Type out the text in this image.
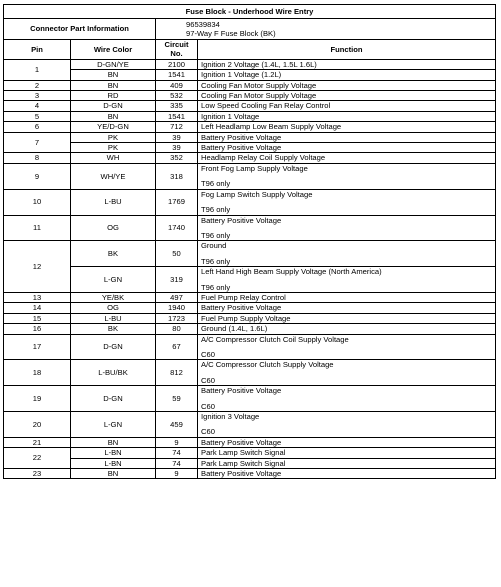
Fuse Block - Underhood Wire Entry			
Connector Part Information		96539834
97-Way F Fuse Block (BK)	

Pin	Wire Color	Circuit No.	Function
1	D-GN/YE	2100	Ignition 2 Voltage (1.4L, 1.5L 1.6L)

	BN	1541	Ignition 1 Voltage (1.2L)

2	BN	409	Cooling Fan Motor Supply Voltage

3	RD	532	Cooling Fan Motor Supply Voltage

4	D-GN	335	Low Speed Cooling Fan Relay Control

5	BN	1541	Ignition 1 Voltage

6	YE/D-GN	712	Left Headlamp Low Beam Supply Voltage

7	PK	39	Battery Positive Voltage

	PK	39	Battery Positive Voltage

8	WH	352	Headlamp Relay Coil Supply Voltage

9	WH/YE	318	Front Fog Lamp Supply Voltage
T96 only

10	L-BU	1769	Fog Lamp Switch Supply Voltage
T96 only

11	OG	1740	Battery Positive Voltage
T96 only

12	BK	50	Ground
T96 only

	L-GN	319	Left Hand High Beam Supply Voltage (North America)
T96 only

13	YE/BK	497	Fuel Pump Relay Control

14	OG	1940	Battery Positive Voltage

15	L-BU	1723	Fuel Pump Supply Voltage

16	BK	80	Ground (1.4L, 1.6L)

17	D-GN	67	A/C Compressor Clutch Coil Supply Voltage
C60

18	L-BU/BK	812	A/C Compressor Clutch Supply Voltage
C60

19	D-GN	59	Battery Positive Voltage
C60

20	L-GN	459	Ignition 3 Voltage
C60

21	BN	9	Battery Positive Voltage

22	L-BN	74	Park Lamp Switch Signal

	L-BN	74	Park Lamp Switch Signal

23	BN	9	Battery Positive Voltage
